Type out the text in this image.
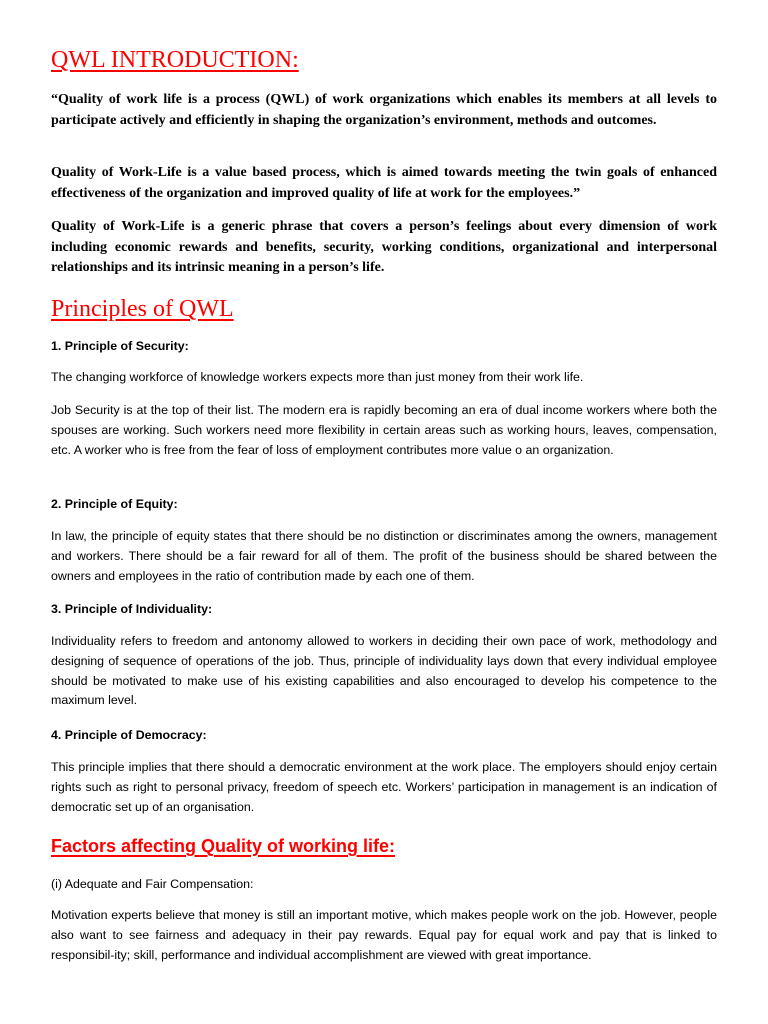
QWL INTRODUCTION:

“Quality of work life is a process (QWL) of work organizations which enables its members at all levels to participate actively and efficiently in shaping the organization’s environment, methods and outcomes.

Quality of Work-Life is a value based process, which is aimed towards meeting the twin goals of enhanced effectiveness of the organization and improved quality of life at work for the employees.”

Quality of Work-Life is a generic phrase that covers a person’s feelings about every dimension of work including economic rewards and benefits, security, working conditions, organizational and interpersonal relationships and its intrinsic meaning in a person’s life.

Principles of QWL

1. Principle of Security:

The changing workforce of knowledge workers expects more than just money from their work life.

Job Security is at the top of their list. The modern era is rapidly becoming an era of dual income workers where both the spouses are working. Such workers need more flexibility in certain areas such as working hours, leaves, compensation, etc. A worker who is free from the fear of loss of employment contributes more value o an organization.

2. Principle of Equity:

In law, the principle of equity states that there should be no distinction or discriminates among the owners, management and workers. There should be a fair reward for all of them. The profit of the business should be shared between the owners and employees in the ratio of contribution made by each one of them.

3. Principle of Individuality:

Individuality refers to freedom and antonomy allowed to workers in deciding their own pace of work, methodology and designing of sequence of operations of the job. Thus, principle of individuality lays down that every individual employee should be motivated to make use of his existing capabilities and also encouraged to develop his competence to the maximum level.

4. Principle of Democracy:

This principle implies that there should a democratic environment at the work place. The employers should enjoy certain rights such as right to personal privacy, freedom of speech etc. Workers’ participation in management is an indication of democratic set up of an organisation.

Factors affecting Quality of working life:

(i) Adequate and Fair Compensation:

Motivation experts believe that money is still an important motive, which makes people work on the job. However, people also want to see fairness and adequacy in their pay rewards. Equal pay for equal work and pay that is linked to responsibil-ity; skill, performance and individual accomplishment are viewed with great importance.
